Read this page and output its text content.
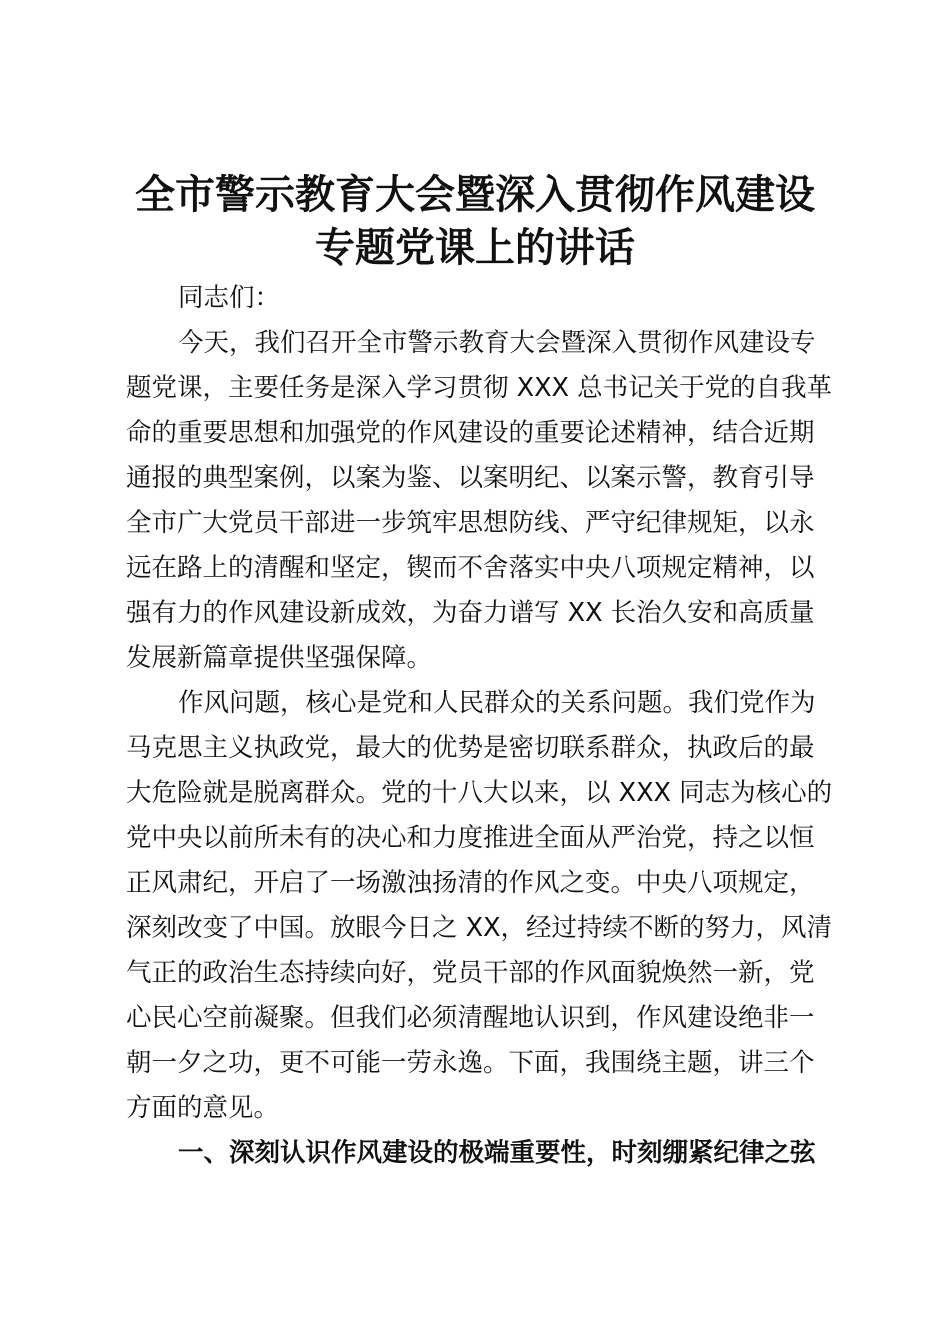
全市警示教育大会暨深入贯彻作风建设
专题党课上的讲话
同志们：
今天，我们召开全市警示教育大会暨深入贯彻作风建设专
题党课，主要任务是深入学习贯彻 XXX 总书记关于党的自我革
命的重要思想和加强党的作风建设的重要论述精神，结合近期
通报的典型案例，以案为鉴、以案明纪、以案示警，教育引导
全市广大党员干部进一步筑牢思想防线、严守纪律规矩，以永
远在路上的清醒和坚定，锲而不舍落实中央八项规定精神，以
强有力的作风建设新成效，为奋力谱写 XX 长治久安和高质量
发展新篇章提供坚强保障。
作风问题，核心是党和人民群众的关系问题。我们党作为
马克思主义执政党，最大的优势是密切联系群众，执政后的最
大危险就是脱离群众。党的十八大以来，以 XXX 同志为核心的
党中央以前所未有的决心和力度推进全面从严治党，持之以恒
正风肃纪，开启了一场激浊扬清的作风之变。中央八项规定，
深刻改变了中国。放眼今日之 XX，经过持续不断的努力，风清
气正的政治生态持续向好，党员干部的作风面貌焕然一新，党
心民心空前凝聚。但我们必须清醒地认识到，作风建设绝非一
朝一夕之功，更不可能一劳永逸。下面，我围绕主题，讲三个
方面的意见。
一、深刻认识作风建设的极端重要性，时刻绷紧纪律之弦
